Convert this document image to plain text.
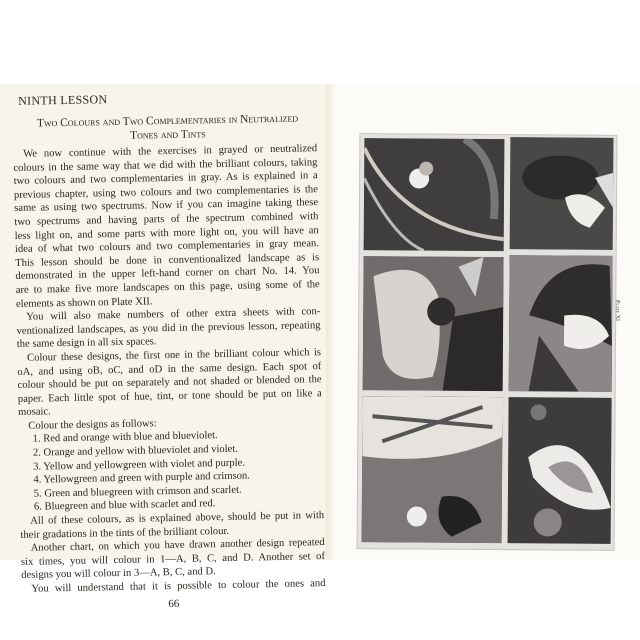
NINTH LESSON
Two Colours and Two Complementaries in Neutralized
Tones and Tints
We now continue with the exercises in grayed or neutralized
colours in the same way that we did with the brilliant colours, taking
two colours and two complementaries in gray. As is explained in a
previous chapter, using two colours and two complementaries is the
same as using two spectrums. Now if you can imagine taking these
two spectrums and having parts of the spectrum combined with
less light on, and some parts with more light on, you will have an
idea of what two colours and two complementaries in gray mean.
This lesson should be done in conventionalized landscape as is
demonstrated in the upper left-hand corner on chart No. 14. You
are to make five more landscapes on this page, using some of the
elements as shown on Plate XII.
You will also make numbers of other extra sheets with con-
ventionalized landscapes, as you did in the previous lesson, repeating
the same design in all six spaces.
Colour these designs, the first one in the brilliant colour which is
oA, and using oB, oC, and oD in the same design. Each spot of
colour should be put on separately and not shaded or blended on the
paper. Each little spot of hue, tint, or tone should be put on like a
mosaic.
Colour the designs as follows:
1. Red and orange with blue and blueviolet.
2. Orange and yellow with blueviolet and violet.
3. Yellow and yellowgreen with violet and purple.
4. Yellowgreen and green with purple and crimson.
5. Green and bluegreen with crimson and scarlet.
6. Bluegreen and blue with scarlet and red.
All of these colours, as is explained above, should be put in with
their gradations in the tints of the brilliant colour.
Another chart, on which you have drawn another design repeated
six times, you will colour in 1—A, B, C, and D. Another set of
designs you will colour in 3—A, B, C, and D.
You will understand that it is possible to colour the ones and
66
Plate XI
